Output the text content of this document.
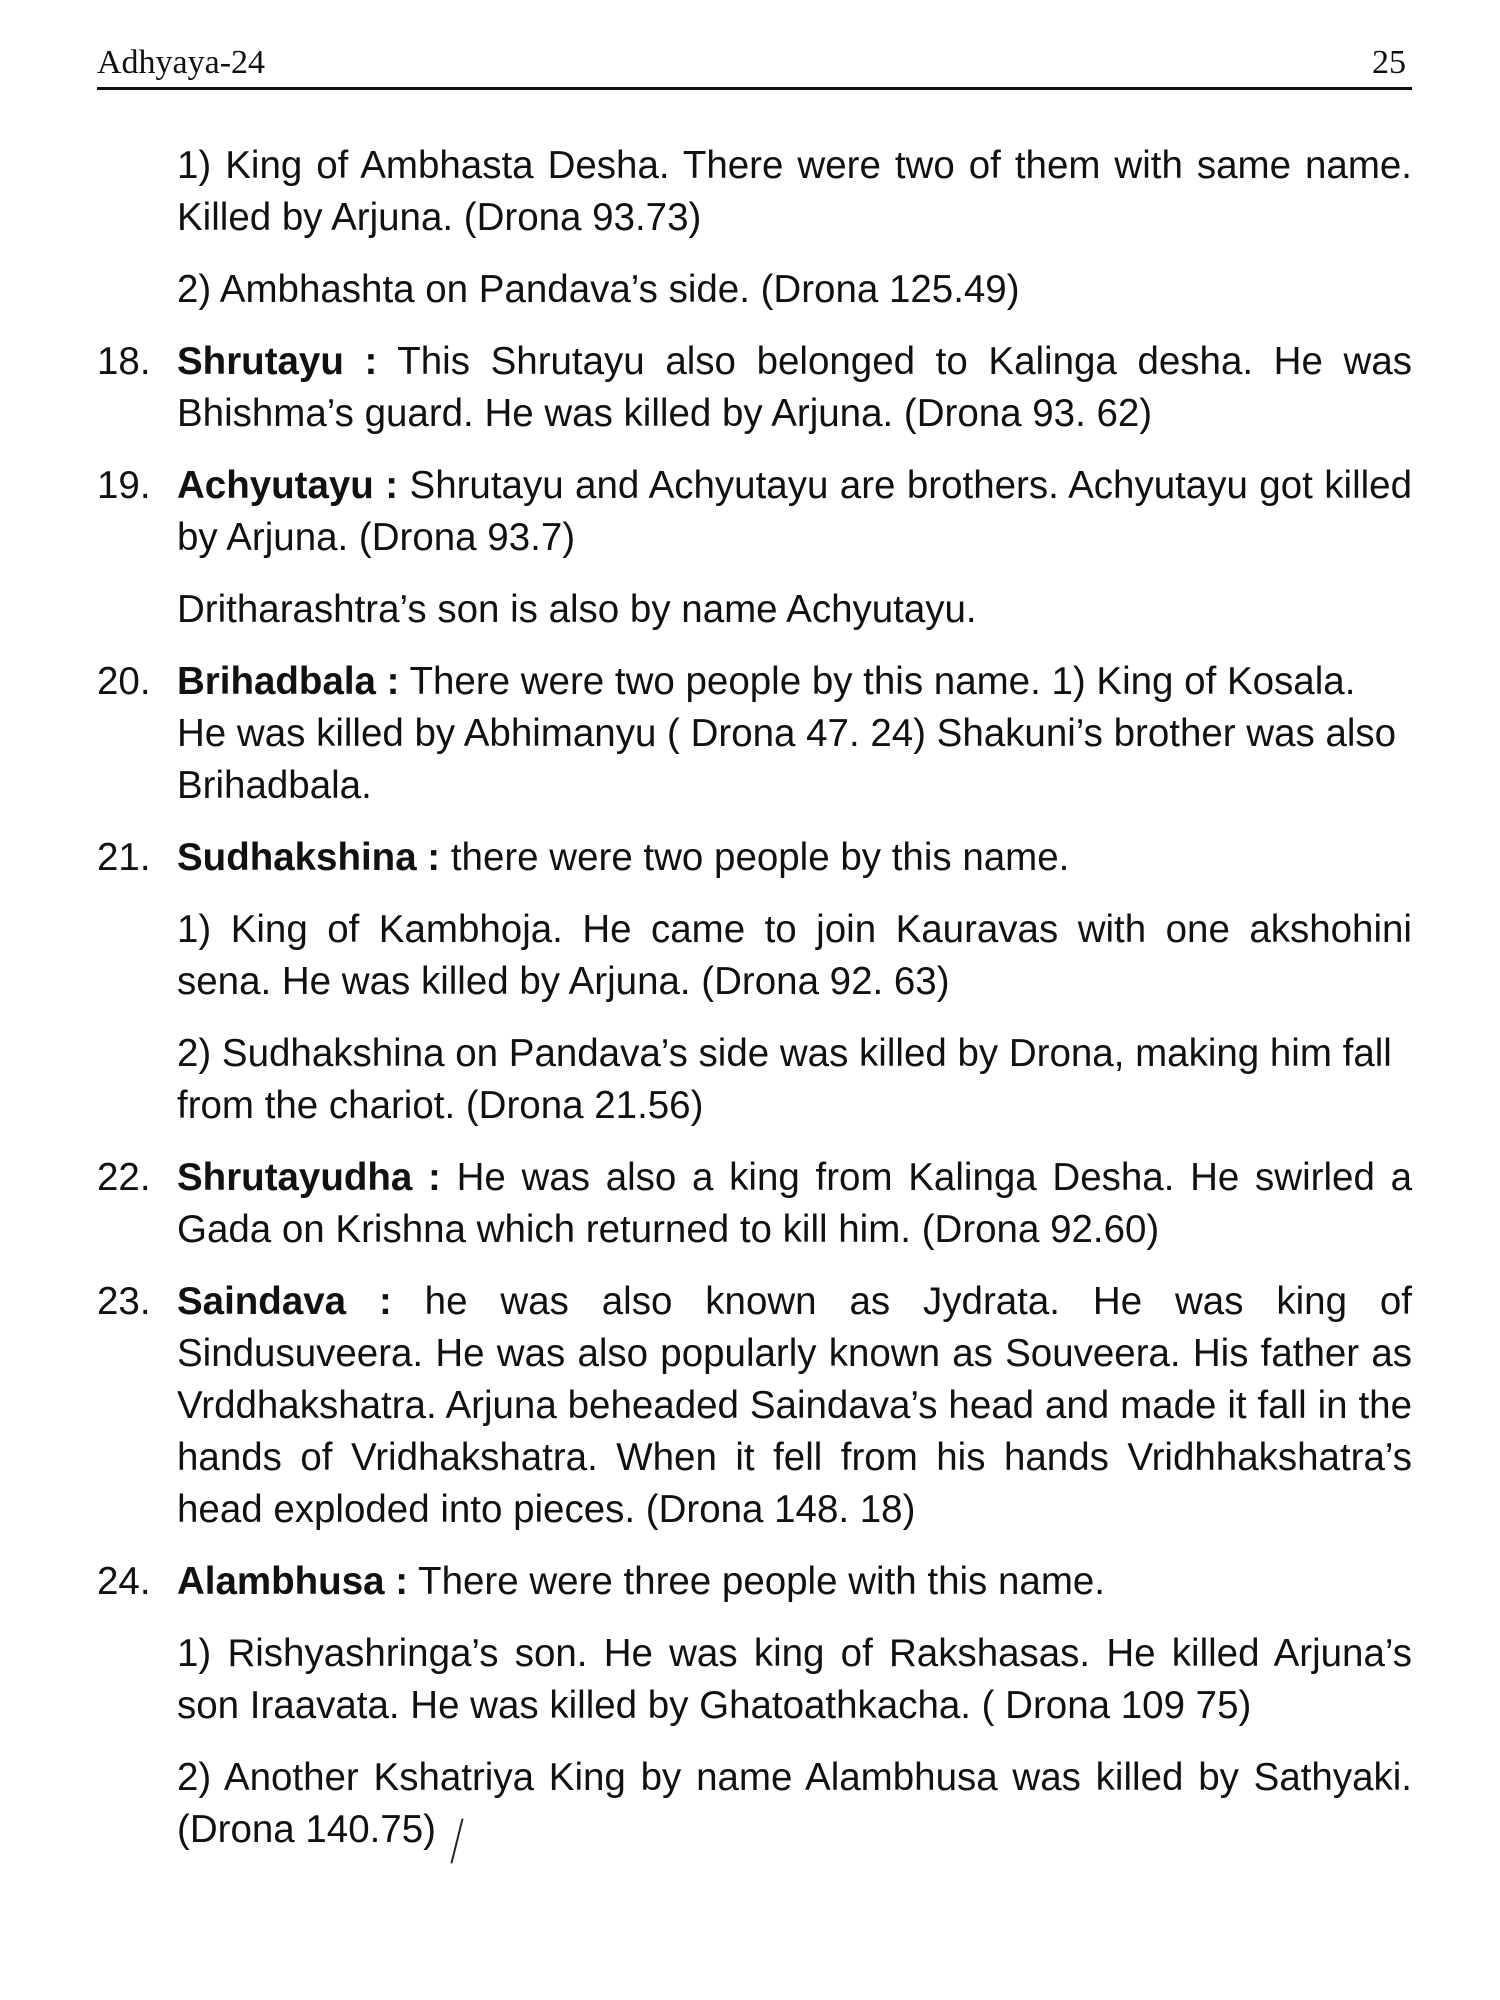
Adhyaya-24	25
1) King of Ambhasta Desha. There were two of them with same name. Killed by Arjuna. (Drona 93.73)
2) Ambhashta on Pandava’s side. (Drona 125.49)
18. Shrutayu : This Shrutayu also belonged to Kalinga desha. He was Bhishma’s guard. He was killed by Arjuna. (Drona 93. 62)
19. Achyutayu : Shrutayu and Achyutayu are brothers. Achyutayu got killed by Arjuna. (Drona 93.7)
Dritharashtra’s son is also by name Achyutayu.
20. Brihadbala : There were two people by this name. 1) King of Kosala. He was killed by Abhimanyu ( Drona 47. 24) Shakuni’s brother was also Brihadbala.
21. Sudhakshina : there were two people by this name.
1) King of Kambhoja. He came to join Kauravas with one akshohini sena. He was killed by Arjuna. (Drona 92. 63)
2) Sudhakshina on Pandava’s side was killed by Drona, making him fall from the chariot. (Drona 21.56)
22. Shrutayudha : He was also a king from Kalinga Desha. He swirled a Gada on Krishna which returned to kill him. (Drona 92.60)
23. Saindava : he was also known as Jydrata. He was king of Sindusuveera. He was also popularly known as Souveera. His father as Vrddhakshatra. Arjuna beheaded Saindava’s head and made it fall in the hands of Vridhakshatra. When it fell from his hands Vridhhakshatra’s head exploded into pieces. (Drona 148. 18)
24. Alambhusa : There were three people with this name.
1) Rishyashringa’s son. He was king of Rakshasas. He killed Arjuna’s son Iraavata. He was killed by Ghatoathkacha. ( Drona 109 75)
2) Another Kshatriya King by name Alambhusa was killed by Sathyaki. (Drona 140.75)
